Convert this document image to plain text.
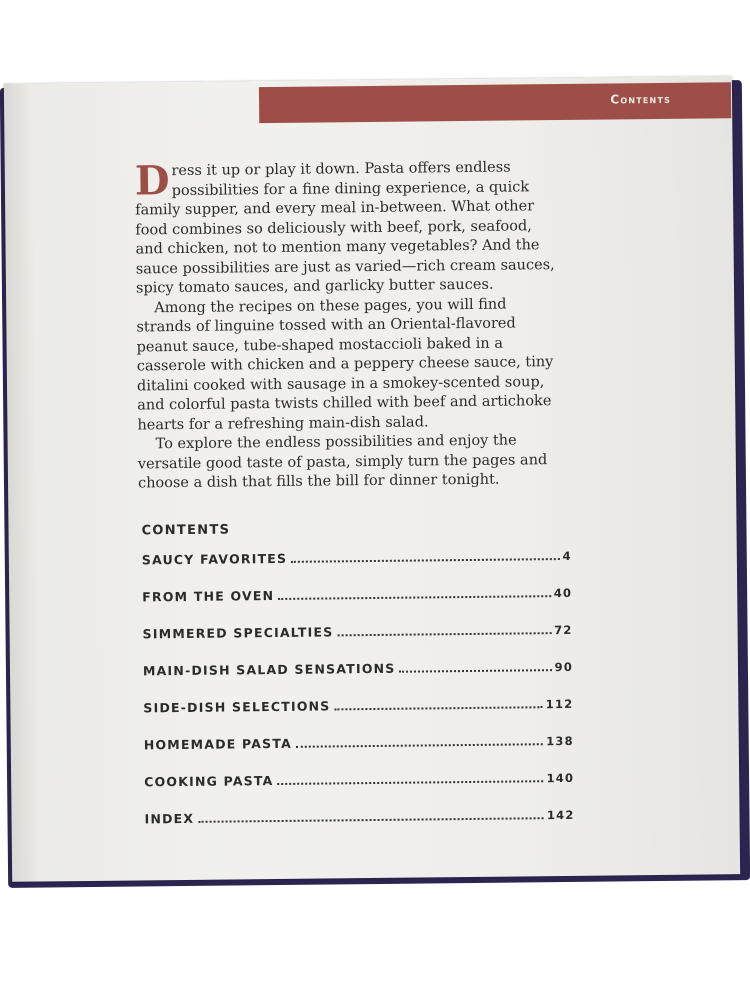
Contents

Dress it up or play it down. Pasta offers endless possibilities for a fine dining experience, a quick family supper, and every meal in-between. What other food combines so deliciously with beef, pork, seafood, and chicken, not to mention many vegetables? And the sauce possibilities are just as varied—rich cream sauces, spicy tomato sauces, and garlicky butter sauces.

Among the recipes on these pages, you will find strands of linguine tossed with an Oriental-flavored peanut sauce, tube-shaped mostaccioli baked in a casserole with chicken and a peppery cheese sauce, tiny ditalini cooked with sausage in a smokey-scented soup, and colorful pasta twists chilled with beef and artichoke hearts for a refreshing main-dish salad.

To explore the endless possibilities and enjoy the versatile good taste of pasta, simply turn the pages and choose a dish that fills the bill for dinner tonight.

CONTENTS
SAUCY FAVORITES	4
FROM THE OVEN	40
SIMMERED SPECIALTIES	72
MAIN-DISH SALAD SENSATIONS	90
SIDE-DISH SELECTIONS	112
HOMEMADE PASTA	138
COOKING PASTA	140
INDEX	142
